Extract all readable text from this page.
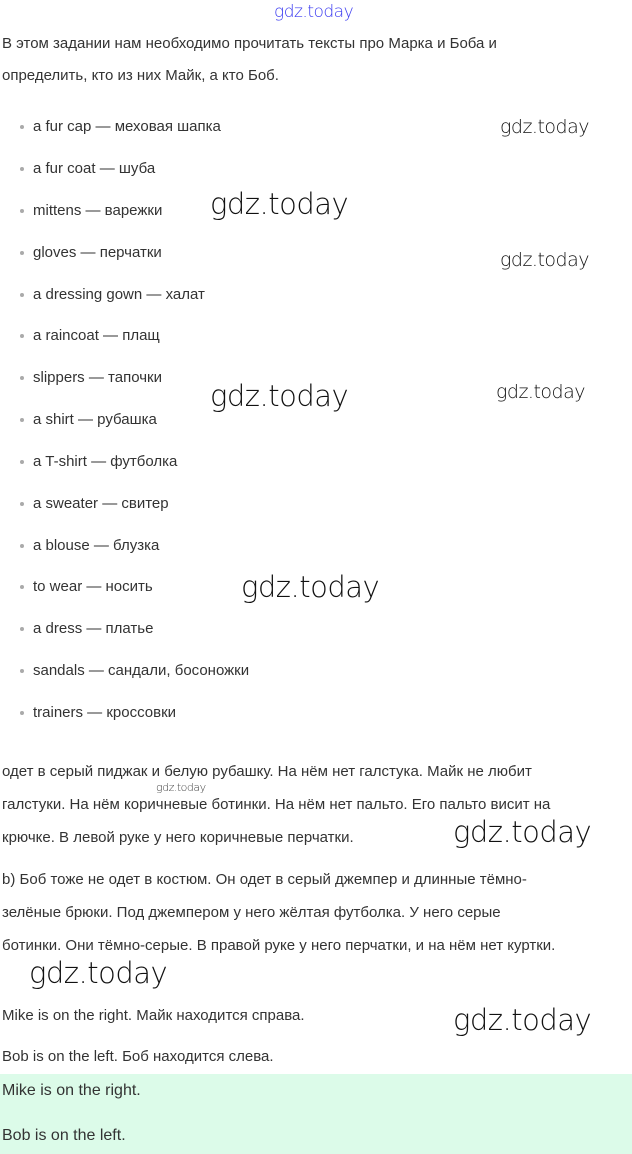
gdz.today
В этом задании нам необходимо прочитать тексты про Марка и Боба и
определить, кто из них Майк, а кто Боб.
a fur cap — меховая шапка
a fur coat — шуба
mittens — варежки
gloves — перчатки
a dressing gown — халат
a raincoat — плащ
slippers — тапочки
a shirt — рубашка
a T-shirt — футболка
a sweater — свитер
a blouse — блузка
to wear — носить
a dress — платье
sandals — сандали, босоножки
trainers — кроссовки
одет в серый пиджак и белую рубашку. На нём нет галстука. Майк не любит
галстуки. На нём коричневые ботинки. На нём нет пальто. Его пальто висит на
крючке. В левой руке у него коричневые перчатки.
b) Боб тоже не одет в костюм. Он одет в серый джемпер и длинные тёмно-
зелёные брюки. Под джемпером у него жёлтая футболка. У него серые
ботинки. Они тёмно-серые. В правой руке у него перчатки, и на нём нет куртки.
Mike is on the right. Майк находится справа.
Bob is on the left. Боб находится слева.
Mike is on the right.
Bob is on the left.
gdz.today
gdz.today
gdz.today
gdz.today	gdz.today
gdz.today
gdz.today
gdz.today
gdz.today
gdz.today
